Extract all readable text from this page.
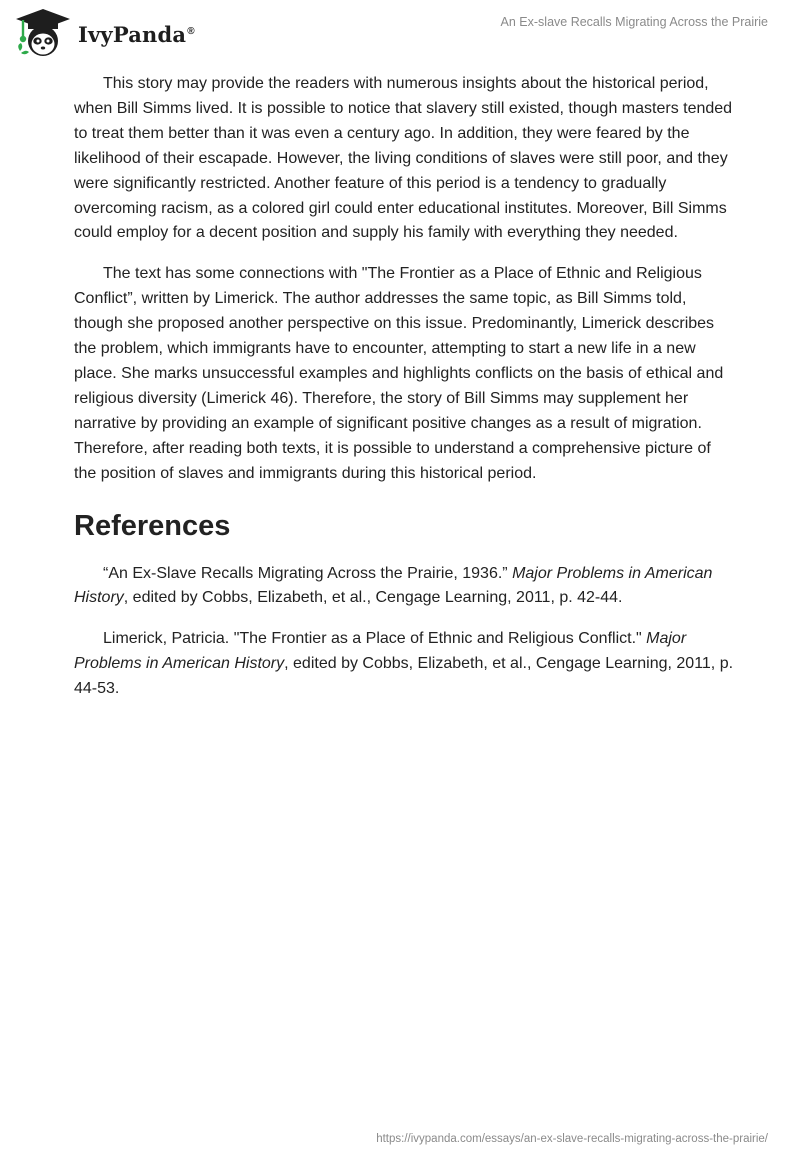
IvyPanda®
An Ex-slave Recalls Migrating Across the Prairie

This story may provide the readers with numerous insights about the historical period, when Bill Simms lived. It is possible to notice that slavery still existed, though masters tended to treat them better than it was even a century ago. In addition, they were feared by the likelihood of their escapade. However, the living conditions of slaves were still poor, and they were significantly restricted. Another feature of this period is a tendency to gradually overcoming racism, as a colored girl could enter educational institutes. Moreover, Bill Simms could employ for a decent position and supply his family with everything they needed.

The text has some connections with "The Frontier as a Place of Ethnic and Religious Conflict”, written by Limerick. The author addresses the same topic, as Bill Simms told, though she proposed another perspective on this issue. Predominantly, Limerick describes the problem, which immigrants have to encounter, attempting to start a new life in a new place. She marks unsuccessful examples and highlights conflicts on the basis of ethical and religious diversity (Limerick 46). Therefore, the story of Bill Simms may supplement her narrative by providing an example of significant positive changes as a result of migration. Therefore, after reading both texts, it is possible to understand a comprehensive picture of the position of slaves and immigrants during this historical period.

References

“An Ex-Slave Recalls Migrating Across the Prairie, 1936.” Major Problems in American History, edited by Cobbs, Elizabeth, et al., Cengage Learning, 2011, p. 42-44.

Limerick, Patricia. "The Frontier as a Place of Ethnic and Religious Conflict." Major Problems in American History, edited by Cobbs, Elizabeth, et al., Cengage Learning, 2011, p. 44-53.

https://ivypanda.com/essays/an-ex-slave-recalls-migrating-across-the-prairie/
